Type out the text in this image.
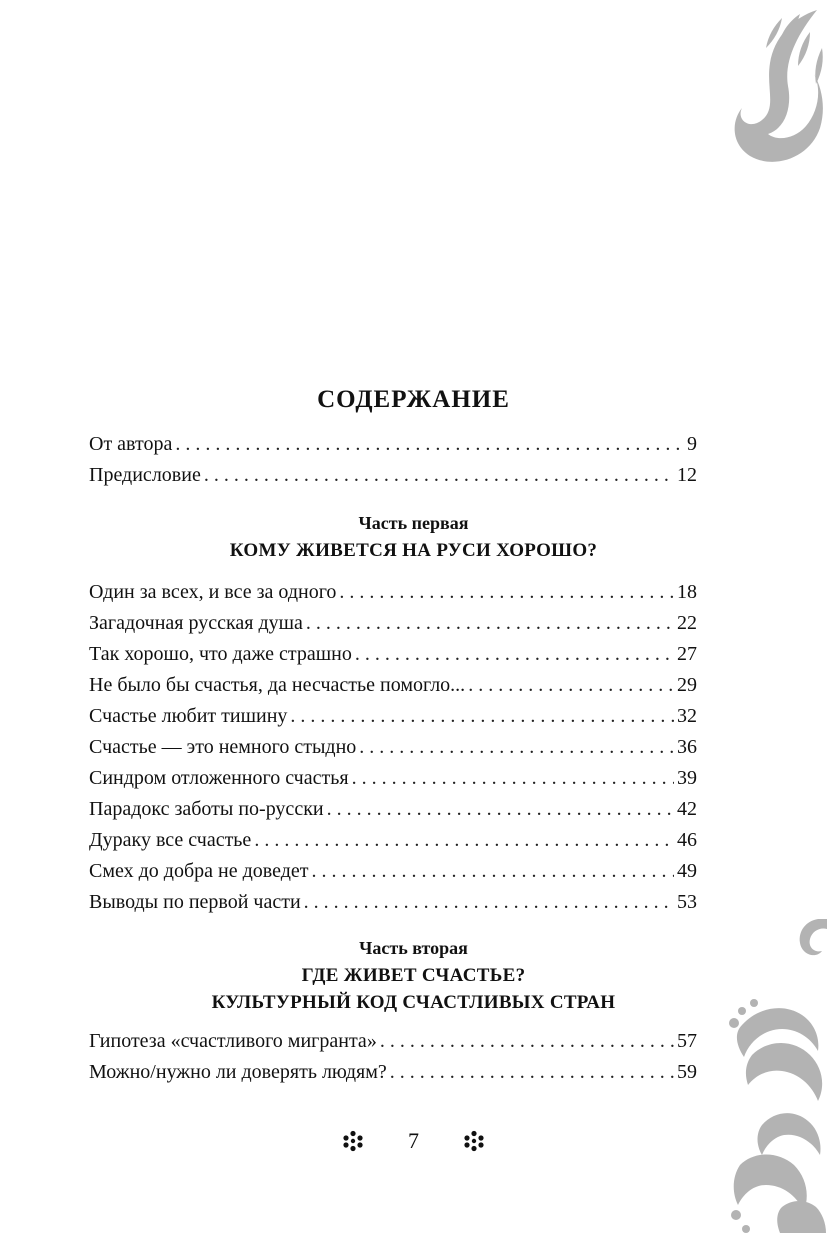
СОДЕРЖАНИЕ
От автора . . .	9
Предисловие . . .	12
Часть первая
КОМУ ЖИВЕТСЯ НА РУСИ ХОРОШО?
Один за всех, и все за одного . . .	18
Загадочная русская душа . . .	22
Так хорошо, что даже страшно . . .	27
Не было бы счастья, да несчастье помогло... . . .	29
Счастье любит тишину . . .	32
Счастье — это немного стыдно . . .	36
Синдром отложенного счастья . . .	39
Парадокс заботы по-русски . . .	42
Дураку все счастье . . .	46
Смех до добра не доведет . . .	49
Выводы по первой части . . .	53
Часть вторая
ГДЕ ЖИВЕТ СЧАСТЬЕ?
КУЛЬТУРНЫЙ КОД СЧАСТЛИВЫХ СТРАН
Гипотеза «счастливого мигранта» . . .	57
Можно/нужно ли доверять людям? . . .	59
7
